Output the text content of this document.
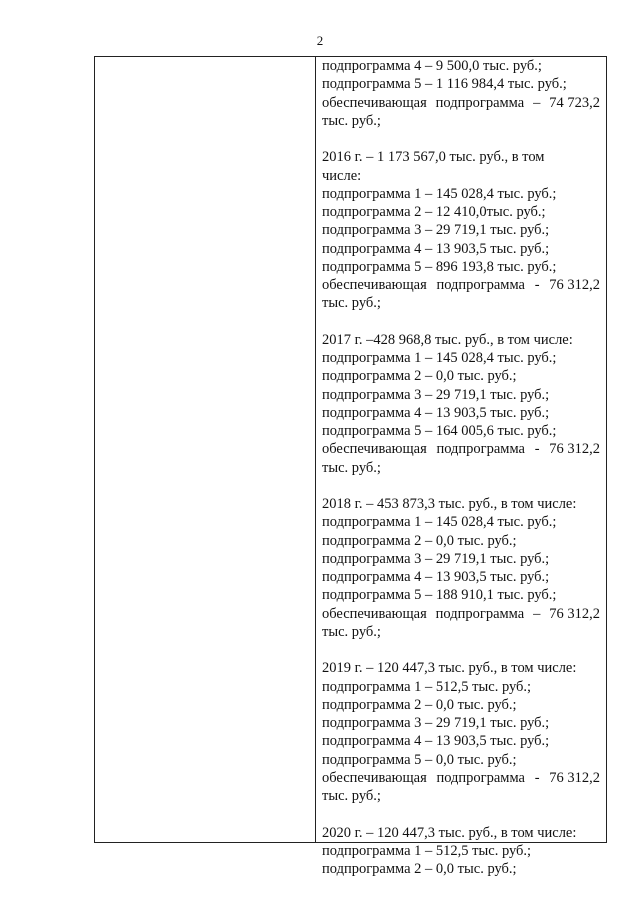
2
подпрограмма 4 – 9 500,0 тыс. руб.;
подпрограмма 5 – 1 116 984,4 тыс. руб.;
обеспечивающая подпрограмма – 74 723,2
тыс. руб.;
2016 г. – 1 173 567,0 тыс. руб., в том
числе:
подпрограмма 1 – 145 028,4 тыс. руб.;
подпрограмма 2 – 12 410,0тыс. руб.;
подпрограмма 3 – 29 719,1 тыс. руб.;
подпрограмма 4 – 13 903,5 тыс. руб.;
подпрограмма 5 – 896 193,8 тыс. руб.;
обеспечивающая подпрограмма - 76 312,2
тыс. руб.;
2017 г. –428 968,8 тыс. руб., в том числе:
подпрограмма 1 – 145 028,4 тыс. руб.;
подпрограмма 2 – 0,0 тыс. руб.;
подпрограмма 3 – 29 719,1 тыс. руб.;
подпрограмма 4 – 13 903,5 тыс. руб.;
подпрограмма 5 – 164 005,6 тыс. руб.;
обеспечивающая подпрограмма - 76 312,2
тыс. руб.;
2018 г. – 453 873,3 тыс. руб., в том числе:
подпрограмма 1 – 145 028,4 тыс. руб.;
подпрограмма 2 – 0,0 тыс. руб.;
подпрограмма 3 – 29 719,1 тыс. руб.;
подпрограмма 4 – 13 903,5 тыс. руб.;
подпрограмма 5 – 188 910,1 тыс. руб.;
обеспечивающая подпрограмма – 76 312,2
тыс. руб.;
2019 г. – 120 447,3 тыс. руб., в том числе:
подпрограмма 1 – 512,5 тыс. руб.;
подпрограмма 2 – 0,0 тыс. руб.;
подпрограмма 3 – 29 719,1 тыс. руб.;
подпрограмма 4 – 13 903,5 тыс. руб.;
подпрограмма 5 – 0,0 тыс. руб.;
обеспечивающая подпрограмма - 76 312,2
тыс. руб.;
2020 г. – 120 447,3 тыс. руб., в том числе:
подпрограмма 1 – 512,5 тыс. руб.;
подпрограмма 2 – 0,0 тыс. руб.;
